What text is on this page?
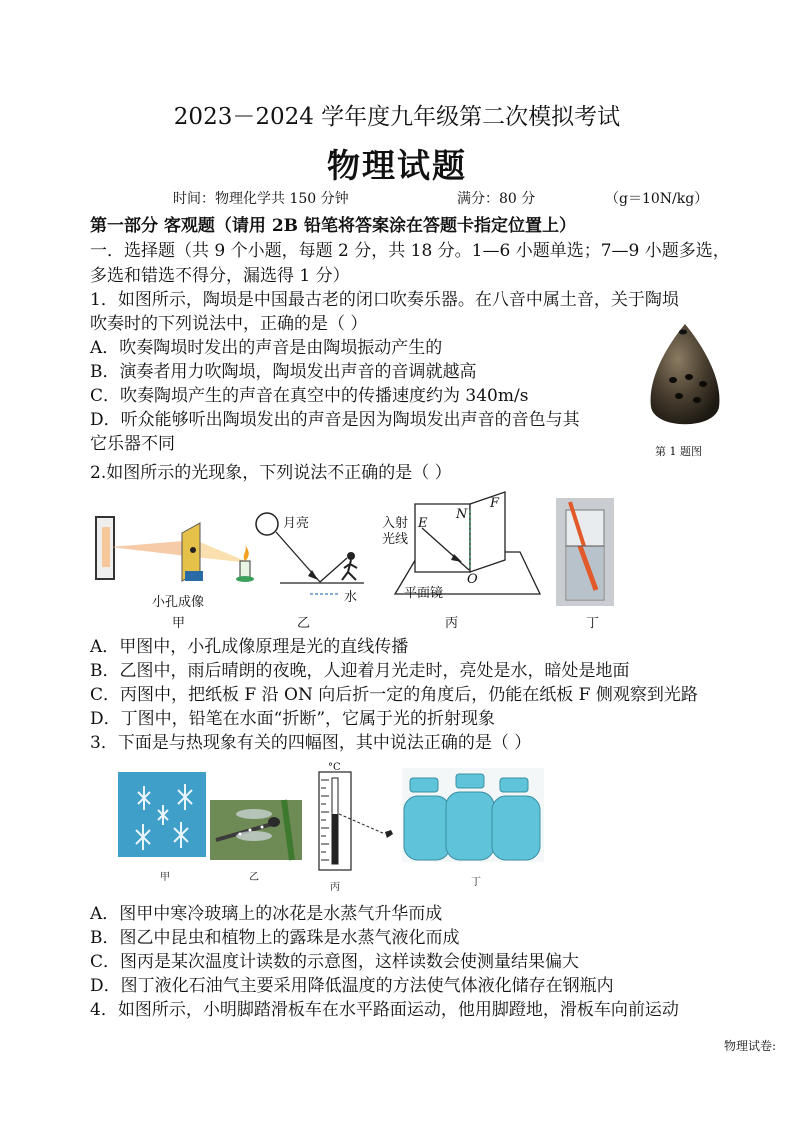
2023－2024 学年度九年级第二次模拟考试
物理试题
时间：物理化学共 150 分钟	满分：80 分	（g＝10N/kg）
第一部分 客观题（请用 2B 铅笔将答案涂在答题卡指定位置上）
一．选择题（共 9 个小题，每题 2 分，共 18 分。1—6 小题单选；7—9 小题多选，
多选和错选不得分，漏选得 1 分）
1．如图所示，陶埙是中国最古老的闭口吹奏乐器。在八音中属土音，关于陶埙
吹奏时的下列说法中，正确的是（ ）
A．吹奏陶埙时发出的声音是由陶埙振动产生的
B．演奏者用力吹陶埙，陶埙发出声音的音调就越高
C．吹奏陶埙产生的声音在真空中的传播速度约为 340m/s
D．听众能够听出陶埙发出的声音是因为陶埙发出声音的音色与其
它乐器不同	第 1 题图
2.如图所示的光现象，下列说法不正确的是（ ）
小孔成像
甲
月亮
水
乙
入射
光线
E
N
F
O
平面镜
丙	丁
A．甲图中，小孔成像原理是光的直线传播
B．乙图中，雨后晴朗的夜晚，人迎着月光走时，亮处是水，暗处是地面
C．丙图中，把纸板 F 沿 ON 向后折一定的角度后，仍能在纸板 F 侧观察到光路
D．丁图中，铅笔在水面“折断”，它属于光的折射现象
3．下面是与热现象有关的四幅图，其中说法正确的是（ ）
甲	乙
°C
丙	丁
A．图甲中寒冷玻璃上的冰花是水蒸气升华而成
B．图乙中昆虫和植物上的露珠是水蒸气液化而成
C．图丙是某次温度计读数的示意图，这样读数会使测量结果偏大
D．图丁液化石油气主要采用降低温度的方法使气体液化储存在钢瓶内
4．如图所示，小明脚踏滑板车在水平路面运动，他用脚蹬地，滑板车向前运动
物理试卷:
